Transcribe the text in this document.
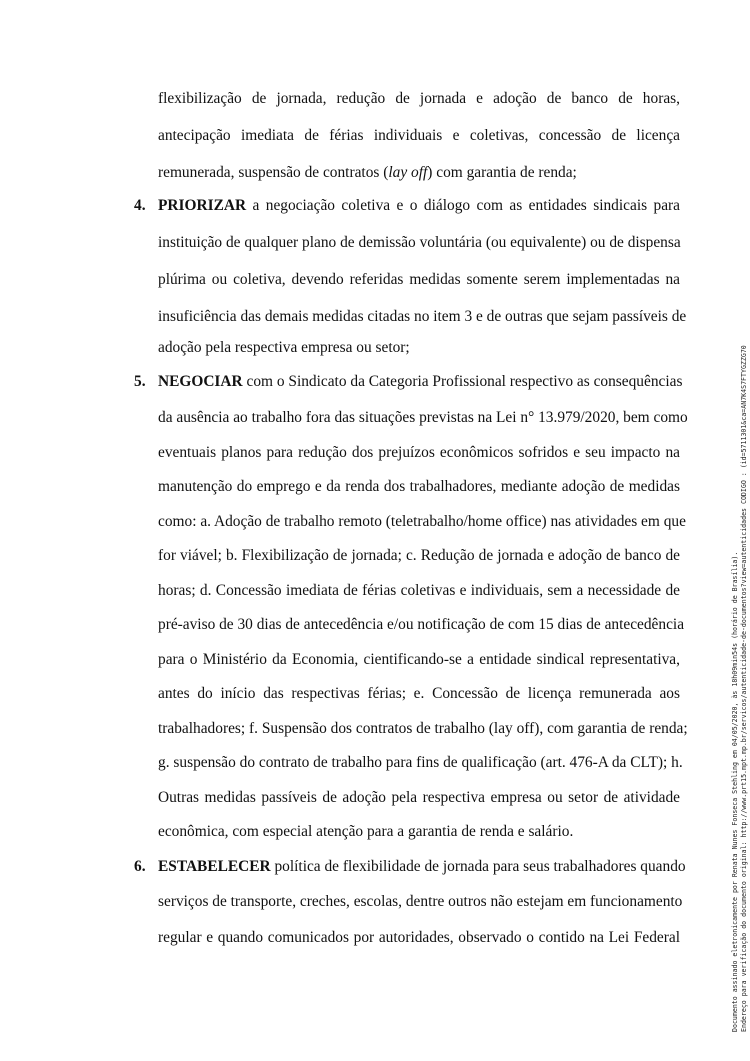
flexibilização de jornada, redução de jornada e adoção de banco de horas,
antecipação imediata de férias individuais e coletivas, concessão de licença
remunerada, suspensão de contratos (lay off) com garantia de renda;
4. PRIORIZAR a negociação coletiva e o diálogo com as entidades sindicais para
instituição de qualquer plano de demissão voluntária (ou equivalente) ou de dispensa
plúrima ou coletiva, devendo referidas medidas somente serem implementadas na
insuficiência das demais medidas citadas no item 3 e de outras que sejam passíveis de
adoção pela respectiva empresa ou setor;
5. NEGOCIAR com o Sindicato da Categoria Profissional respectivo as consequências
da ausência ao trabalho fora das situações previstas na Lei n° 13.979/2020, bem como
eventuais planos para redução dos prejuízos econômicos sofridos e seu impacto na
manutenção do emprego e da renda dos trabalhadores, mediante adoção de medidas
como: a. Adoção de trabalho remoto (teletrabalho/home office) nas atividades em que
for viável; b. Flexibilização de jornada; c. Redução de jornada e adoção de banco de
horas; d. Concessão imediata de férias coletivas e individuais, sem a necessidade de
pré-aviso de 30 dias de antecedência e/ou notificação de com 15 dias de antecedência
para o Ministério da Economia, cientificando-se a entidade sindical representativa,
antes do início das respectivas férias; e. Concessão de licença remunerada aos
trabalhadores; f. Suspensão dos contratos de trabalho (lay off), com garantia de renda;
g. suspensão do contrato de trabalho para fins de qualificação (art. 476-A da CLT); h.
Outras medidas passíveis de adoção pela respectiva empresa ou setor de atividade
econômica, com especial atenção para a garantia de renda e salário.
6. ESTABELECER política de flexibilidade de jornada para seus trabalhadores quando
serviços de transporte, creches, escolas, dentre outros não estejam em funcionamento
regular e quando comunicados por autoridades, observado o contido na Lei Federal	Documento assinado eletronicamente por Renata Nunes Fonseca Stehling em 04/05/2020, às 18h09min54s (horário de Brasília). Endereço para verificação do documento original: http://www.prt15.mpt.mp.br/servicos/autenticidade-de-documentos?view=autenticidades CODIGO : (id=5711301&ca=AN7K4S7FTYGZZG70
